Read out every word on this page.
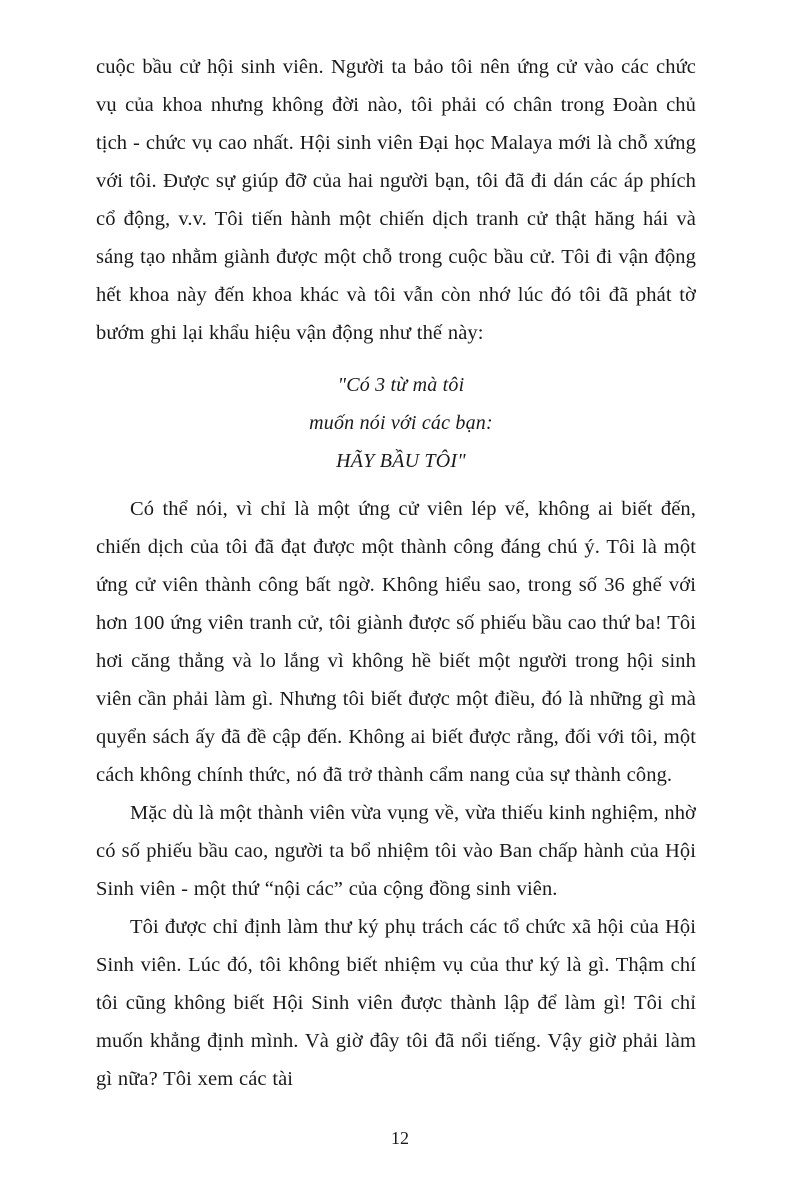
cuộc bầu cử hội sinh viên. Người ta bảo tôi nên ứng cử vào các chức vụ của khoa nhưng không đời nào, tôi phải có chân trong Đoàn chủ tịch - chức vụ cao nhất. Hội sinh viên Đại học Malaya mới là chỗ xứng với tôi. Được sự giúp đỡ của hai người bạn, tôi đã đi dán các áp phích cổ động, v.v. Tôi tiến hành một chiến dịch tranh cử thật hăng hái và sáng tạo nhằm giành được một chỗ trong cuộc bầu cử. Tôi đi vận động hết khoa này đến khoa khác và tôi vẫn còn nhớ lúc đó tôi đã phát tờ bướm ghi lại khẩu hiệu vận động như thế này:

"Có 3 từ mà tôi
muốn nói với các bạn:
HÃY BẦU TÔI"

Có thể nói, vì chỉ là một ứng cử viên lép vế, không ai biết đến, chiến dịch của tôi đã đạt được một thành công đáng chú ý. Tôi là một ứng cử viên thành công bất ngờ. Không hiểu sao, trong số 36 ghế với hơn 100 ứng viên tranh cử, tôi giành được số phiếu bầu cao thứ ba! Tôi hơi căng thẳng và lo lắng vì không hề biết một người trong hội sinh viên cần phải làm gì. Nhưng tôi biết được một điều, đó là những gì mà quyển sách ấy đã đề cập đến. Không ai biết được rằng, đối với tôi, một cách không chính thức, nó đã trở thành cẩm nang của sự thành công.

Mặc dù là một thành viên vừa vụng về, vừa thiếu kinh nghiệm, nhờ có số phiếu bầu cao, người ta bổ nhiệm tôi vào Ban chấp hành của Hội Sinh viên - một thứ “nội các” của cộng đồng sinh viên.

Tôi được chỉ định làm thư ký phụ trách các tổ chức xã hội của Hội Sinh viên. Lúc đó, tôi không biết nhiệm vụ của thư ký là gì. Thậm chí tôi cũng không biết Hội Sinh viên được thành lập để làm gì! Tôi chỉ muốn khẳng định mình. Và giờ đây tôi đã nổi tiếng. Vậy giờ phải làm gì nữa? Tôi xem các tài

12
